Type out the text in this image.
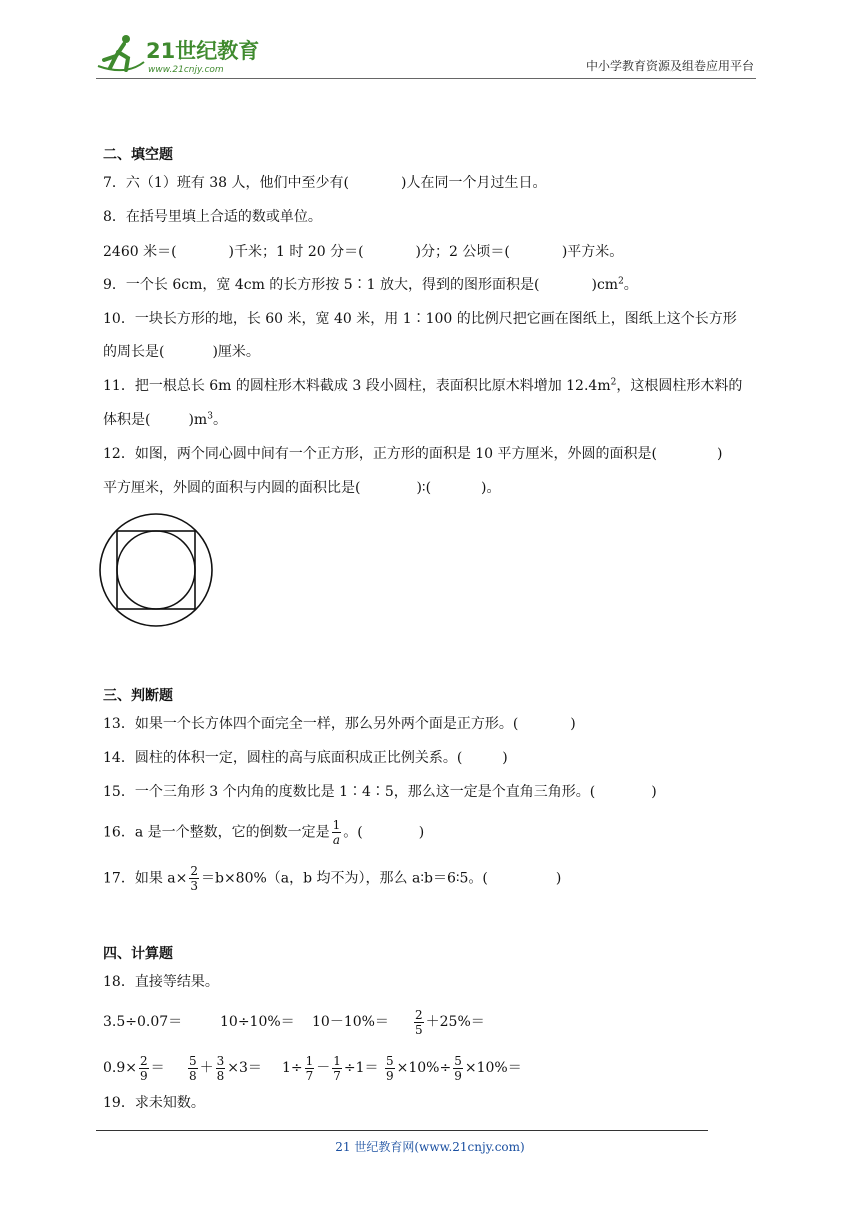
21世纪教育
www.21cnjy.com	中小学教育资源及组卷应用平台
二、填空题
7．六（1）班有 38 人，他们中至少有(	)人在同一个月过生日。
8．在括号里填上合适的数或单位。
2460 米＝(	)千米；1 时 20 分＝(	)分；2 公顷＝(	)平方米。
9．一个长 6cm，宽 4cm 的长方形按 5∶1 放大，得到的图形面积是(	)$cm^2$。
10．一块长方形的地，长 60 米，宽 40 米，用 1∶100 的比例尺把它画在图纸上，图纸上这个长方形
的周长是(	)厘米。
11．把一根总长 6m 的圆柱形木料截成 3 段小圆柱，表面积比原木料增加 $12.4m^2$，这根圆柱形木料的
体积是(	)$m^3$。
12．如图，两个同心圆中间有一个正方形，正方形的面积是 10 平方厘米，外圆的面积是(	)
平方厘米，外圆的面积与内圆的面积比是(	)∶(	)。
三、判断题
13．如果一个长方体四个面完全一样，那么另外两个面是正方形。(	)
14．圆柱的体积一定，圆柱的高与底面积成正比例关系。(	)
15．一个三角形 3 个内角的度数比是 1∶4∶5，那么这一定是个直角三角形。(	)
16．a 是一个整数，它的倒数一定是 $\frac{1}{a}$ 。(	)
17．如果 $a\times \frac{2}{3} =b\times 80\%(a$，b 均不为），那么 a∶b＝6∶5。(	)
四、计算题
18．直接等结果。
3.5÷0.07＝	$10\div 10\%= 10-10\%= \frac{2}{5} +25\%=$
$0.9\times \frac{2}{9} = \frac{5}{8} + \frac{3}{8} \times 3= 1\div \frac{1}{7} - \frac{1}{7} \div 1= \frac{5}{9} \times 10\%\div \frac{5}{9} \times 10\%=$
19．求未知数。
21 世纪教育网(www.21cnjy.com)
